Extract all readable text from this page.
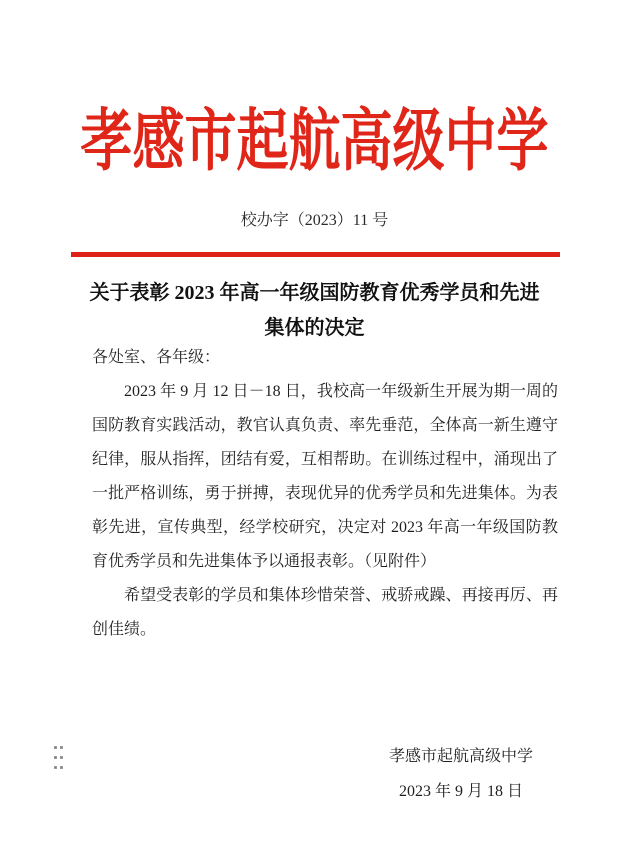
孝感市起航高级中学
校办字（2023）11 号
关于表彰 2023 年高一年级国防教育优秀学员和先进
集体的决定
各处室、各年级：
2023 年 9 月 12 日－18 日，我校高一年级新生开展为期一周的国防教育实践活动，教官认真负责、率先垂范，全体高一新生遵守纪律，服从指挥，团结有爱，互相帮助。在训练过程中，涌现出了一批严格训练，勇于拼搏，表现优异的优秀学员和先进集体。为表彰先进，宣传典型，经学校研究，决定对 2023 年高一年级国防教育优秀学员和先进集体予以通报表彰。（见附件）
希望受表彰的学员和集体珍惜荣誉、戒骄戒躁、再接再厉、再创佳绩。
孝感市起航高级中学
2023 年 9 月 18 日
